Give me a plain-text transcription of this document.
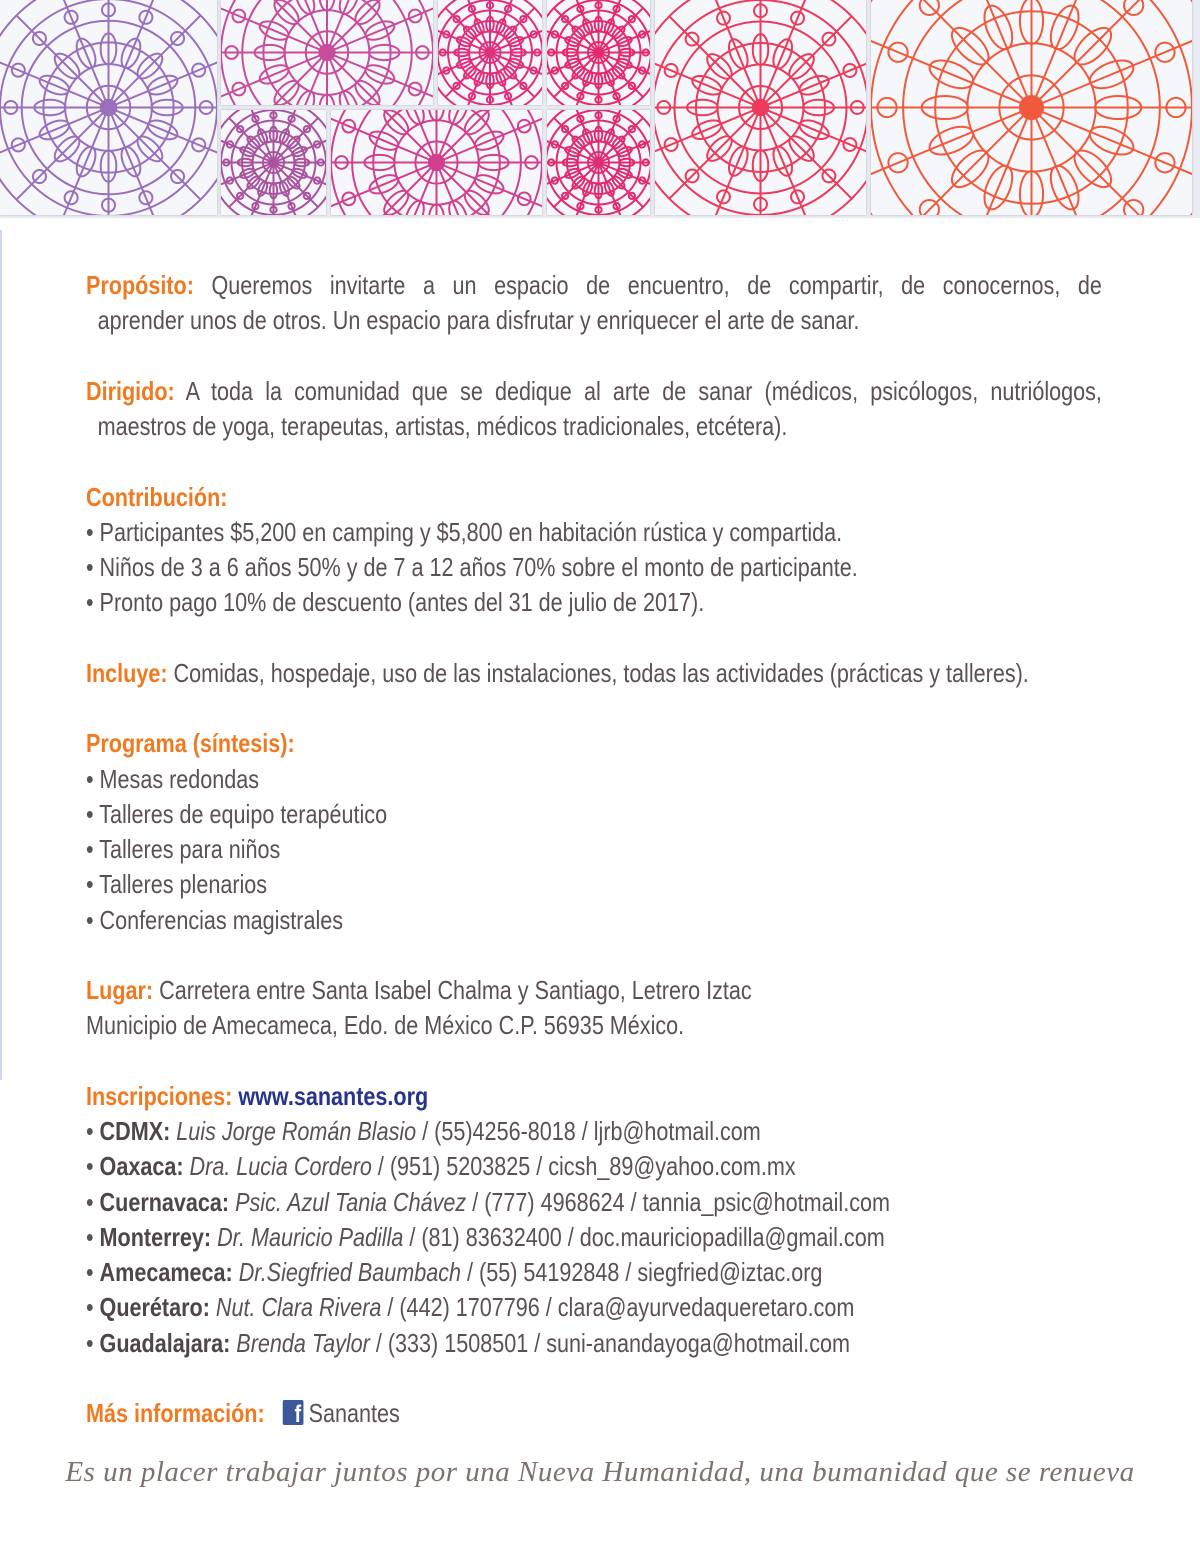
Propósito: Queremos invitarte a un espacio de encuentro, de compartir, de conocernos, de
aprender unos de otros. Un espacio para disfrutar y enriquecer el arte de sanar.
Dirigido: A toda la comunidad que se dedique al arte de sanar (médicos, psicólogos, nutriólogos,
maestros de yoga, terapeutas, artistas, médicos tradicionales, etcétera).
Contribución:
• Participantes $5,200 en camping y $5,800 en habitación rústica y compartida.
• Niños de 3 a 6 años 50% y de 7 a 12 años 70% sobre el monto de participante.
• Pronto pago 10% de descuento (antes del 31 de julio de 2017).
Incluye: Comidas, hospedaje, uso de las instalaciones, todas las actividades (prácticas y talleres).
Programa (síntesis):
• Mesas redondas
• Talleres de equipo terapéutico
• Talleres para niños
• Talleres plenarios
• Conferencias magistrales
Lugar: Carretera entre Santa Isabel Chalma y Santiago, Letrero Iztac
Municipio de Amecameca, Edo. de México C.P. 56935 México.
Inscripciones: www.sanantes.org
• CDMX: Luis Jorge Román Blasio / (55)4256-8018 / ljrb@hotmail.com
• Oaxaca: Dra. Lucia Cordero / (951) 5203825 / cicsh_89@yahoo.com.mx
• Cuernavaca: Psic. Azul Tania Chávez / (777) 4968624 / tannia_psic@hotmail.com
• Monterrey: Dr. Mauricio Padilla / (81) 83632400 / doc.mauriciopadilla@gmail.com
• Amecameca: Dr.Siegfried Baumbach / (55) 54192848 / siegfried@iztac.org
• Querétaro: Nut. Clara Rivera / (442) 1707796 / clara@ayurvedaqueretaro.com
• Guadalajara: Brenda Taylor / (333) 1508501 / suni-anandayoga@hotmail.com
Más información: f Sanantes
Es un placer trabajar juntos por una Nueva Humanidad, una bumanidad que se renueva
